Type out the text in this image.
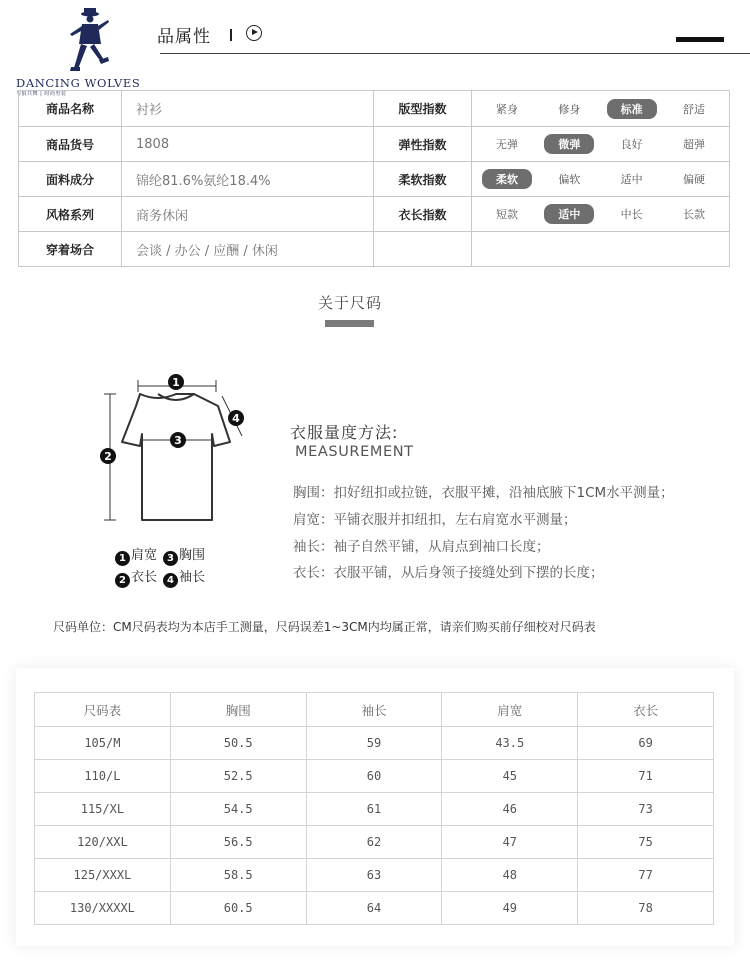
DANCING WOLVES
与狼共舞 | 时尚男装
品属性
商品名称	衬衫	版型指数	紧身 修身 标准 舒适

商品货号	1808	弹性指数	无弹 微弹 良好 超弹

面料成分	锦纶81.6%氨纶18.4%	柔软指数	柔软 偏软 适中 偏硬

风格系列	商务休闲	衣长指数	短款 适中 中长 长款

穿着场合	会谈 / 办公 / 应酬 / 休闲		
关于尺码
1
2
3
4
1 肩宽 3 胸围
2 衣长 4 袖长
衣服量度方法:
MEASUREMENT
胸围：扣好纽扣或拉链，衣服平摊，沿袖底腋下1CM水平测量；
肩宽：平铺衣服并扣纽扣，左右肩宽水平测量；
袖长：袖子自然平铺，从肩点到袖口长度；
衣长：衣服平铺，从后身领子接缝处到下摆的长度；
尺码单位：CM尺码表均为本店手工测量，尺码误差1~3CM内均属正常，请亲们购买前仔细校对尺码表
尺码表	胸围	袖长	肩宽	衣长
105/M	50.5	59	43.5	69
110/L	52.5	60	45	71
115/XL	54.5	61	46	73
120/XXL	56.5	62	47	75
125/XXXL	58.5	63	48	77
130/XXXXL	60.5	64	49	78
